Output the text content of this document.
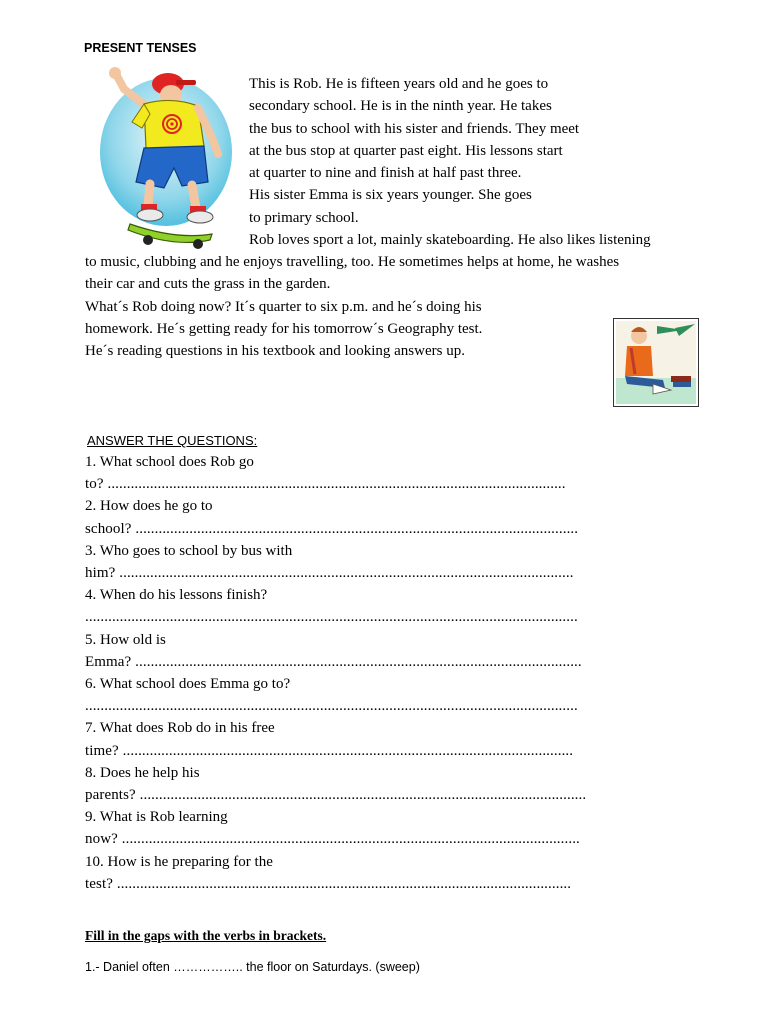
PRESENT TENSES
This is Rob. He is fifteen years old and he goes to
secondary school. He is in the ninth year. He takes
the bus to school with his sister and friends. They meet
at the bus stop at quarter past eight. His lessons start
at quarter to nine and finish at half past three.
His sister Emma is six years younger. She goes
to primary school.
Rob loves sport a lot, mainly skateboarding. He also likes listening
to music, clubbing and he enjoys travelling, too. He sometimes helps at home, he washes
their car and cuts the grass in the garden.
What´s Rob doing now? It´s quarter to six p.m. and he´s doing his
homework. He´s getting ready for his tomorrow´s Geography test.
He´s reading questions in his textbook and looking answers up.
ANSWER THE QUESTIONS:
1. What school does Rob go
to? .......................................................................................................................
2. How does he go to
school? ...................................................................................................................
3. Who goes to school by bus with
him? ......................................................................................................................
4. When do his lessons finish?
................................................................................................................................
5. How old is
Emma? ....................................................................................................................
6. What school does Emma go to?
................................................................................................................................
7. What does Rob do in his free
time? .....................................................................................................................
8. Does he help his
parents? ....................................................................................................................
9. What is Rob learning
now? .......................................................................................................................
10. How is he preparing for the
test? ......................................................................................................................
Fill in the gaps with the verbs in brackets.
1.- Daniel often …………….. the floor on Saturdays. (sweep)
